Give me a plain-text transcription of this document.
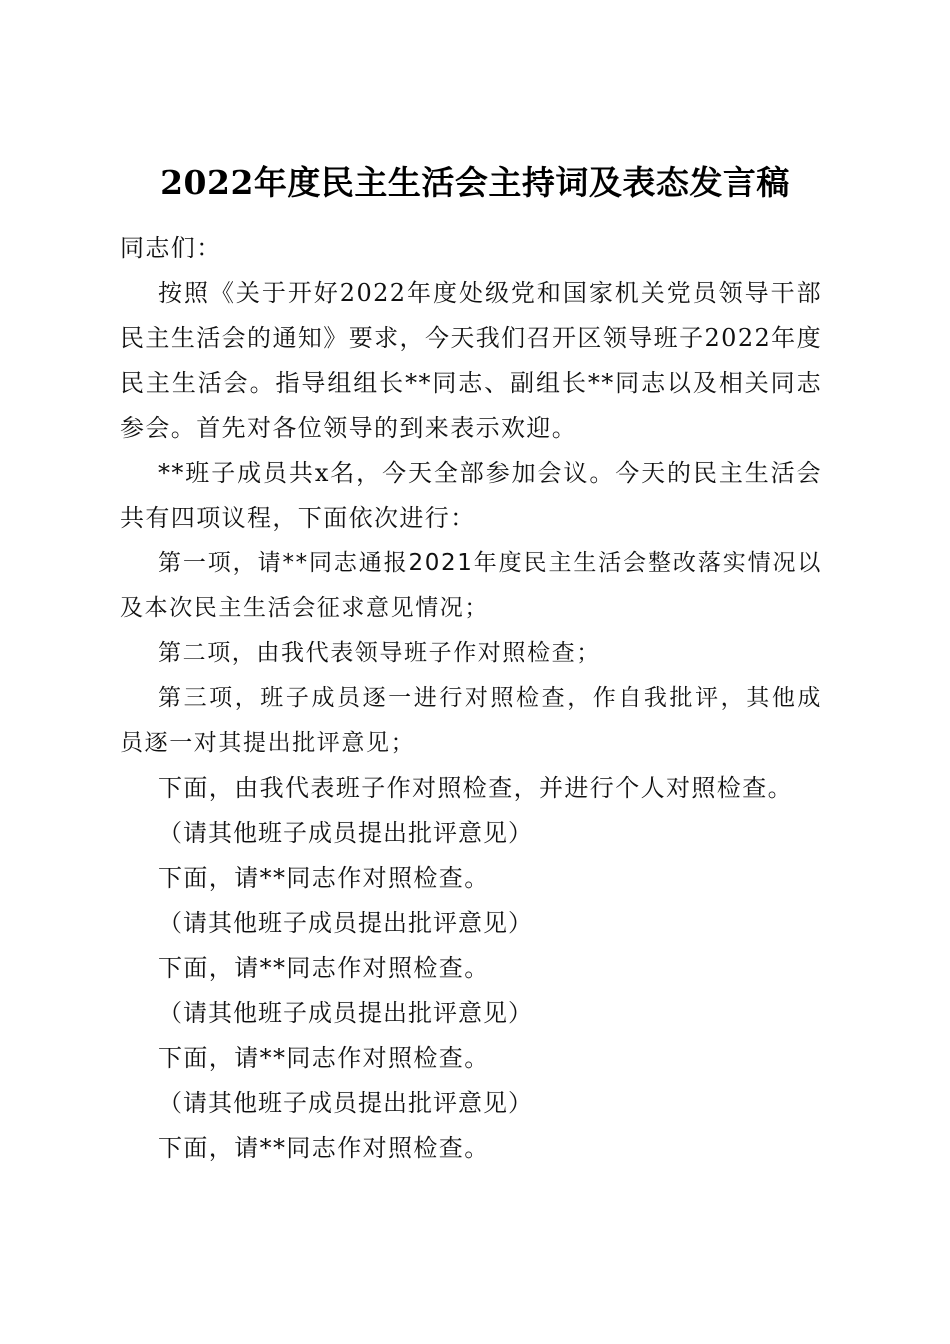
2022年度民主生活会主持词及表态发言稿

同志们：

按照《关于开好2022年度处级党和国家机关党员领导干部民主生活会的通知》要求，今天我们召开区领导班子2022年度民主生活会。指导组组长**同志、副组长**同志以及相关同志参会。首先对各位领导的到来表示欢迎。

**班子成员共x名，今天全部参加会议。今天的民主生活会共有四项议程，下面依次进行：

第一项，请**同志通报2021年度民主生活会整改落实情况以及本次民主生活会征求意见情况；

第二项，由我代表领导班子作对照检查；

第三项，班子成员逐一进行对照检查，作自我批评，其他成员逐一对其提出批评意见；

下面，由我代表班子作对照检查，并进行个人对照检查。

（请其他班子成员提出批评意见）

下面，请**同志作对照检查。

（请其他班子成员提出批评意见）

下面，请**同志作对照检查。

（请其他班子成员提出批评意见）

下面，请**同志作对照检查。

（请其他班子成员提出批评意见）

下面，请**同志作对照检查。
